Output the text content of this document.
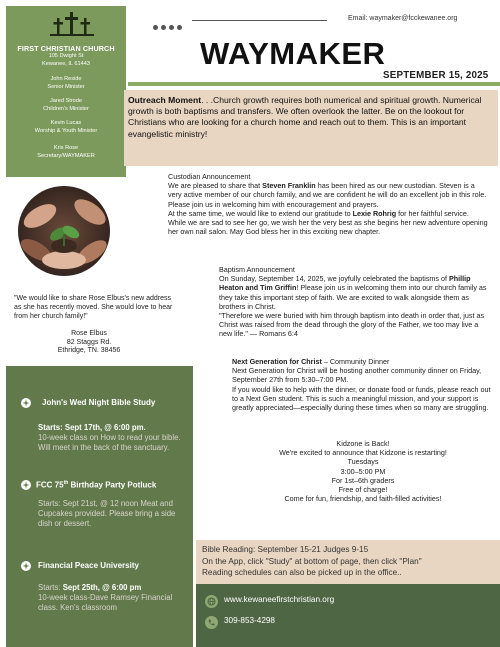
FIRST CHRISTIAN CHURCH
105 Dwight St
Kewanee, IL 61443
John Reside
Senior Minister
Jared Strode
Children's Minister
Kevin Lucas
Worship & Youth Minister
Kris Rose
Secretary/WAYMAKER
Email: waymaker@fcckewanee.org
WAYMAKER
SEPTEMBER 15, 2025
Outreach Moment. . .Church growth requires both numerical and spiritual growth. Numerical growth is both baptisms and transfers. We often overlook the latter. Be on the lookout for Christians who are looking for a church home and reach out to them. This is an important evangelistic ministry!
"We would like to share Rose Elbus's new address as she has recently moved. She would love to hear from her church family!"
Rose Elbus
82 Staggs Rd.
Ethridge, TN. 38456
Custodian Announcement
We are pleased to share that Steven Franklin has been hired as our new custodian. Steven is a very active member of our church family, and we are confident he will do an excellent job in this role. Please join us in welcoming him with encouragement and prayers.
At the same time, we would like to extend our gratitude to Lexie Rohrig for her faithful service. While we are sad to see her go, we wish her the very best as she begins her new adventure opening her own nail salon. May God bless her in this exciting new chapter.
Baptism Announcement
On Sunday, September 14, 2025, we joyfully celebrated the baptisms of Phillip Heaton and Tim Griffin! Please join us in welcoming them into our church family as they take this important step of faith. We are excited to walk alongside them as brothers in Christ.
"Therefore we were buried with him through baptism into death in order that, just as Christ was raised from the dead through the glory of the Father, we too may live a new life." — Romans 6:4
Next Generation for Christ – Community Dinner
Next Generation for Christ will be hosting another community dinner on Friday, September 27th from 5:30–7:00 PM.
If you would like to help with the dinner, or donate food or funds, please reach out to a Next Gen student. This is such a meaningful mission, and your support is greatly appreciated—especially during these times when so many are struggling.
Kidzone is Back!
We're excited to announce that Kidzone is restarting!
Tuesdays
3:00–5:00 PM
For 1st–6th graders
Free of charge!
Come for fun, friendship, and faith-filled activities!
John's Wed Night Bible Study
Starts: Sept 17th, @ 6:00 pm.
10-week class on How to read your bible. Will meet in the back of the sanctuary.
FCC 75th Birthday Party Potluck
Starts: Sept 21st, @ 12 noon Meat and Cupcakes provided. Please bring a side dish or dessert.
Financial Peace University
Starts: Sept 25th, @ 6:00 pm
10-week class-Dave Ramsey Financial class. Ken's classroom
Bible Reading: September 15-21 Judges 9-15
On the App, click "Study" at bottom of page, then click "Plan"
Reading schedules can also be picked up in the office..
www.kewaneefirstchristian.org
309-853-4298
